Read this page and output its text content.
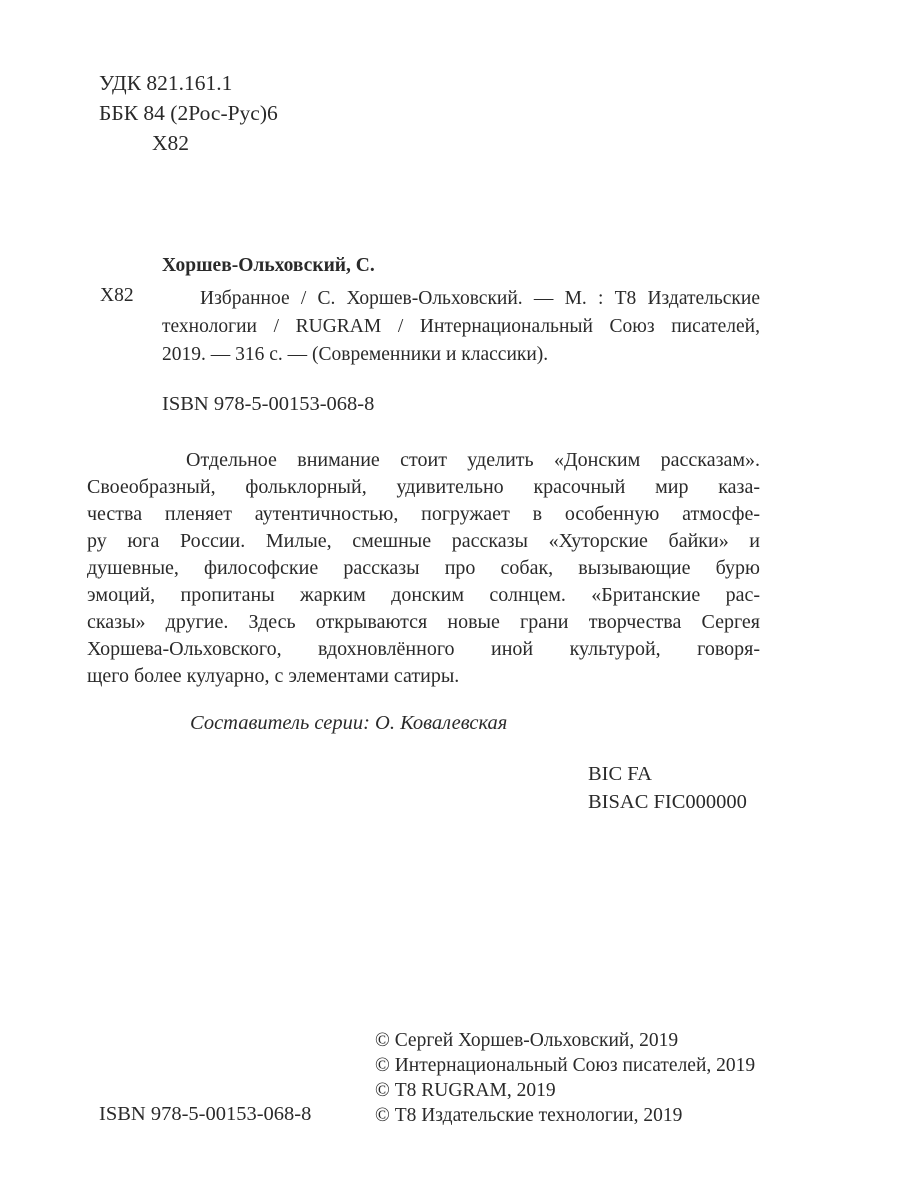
УДК 821.161.1
ББК 84 (2Рос-Рус)6
Х82
Хоршев-Ольховский, С.
Х82	Избранное / С. Хоршев-Ольховский. — М. : Т8 Издательские
технологии / RUGRAM / Интернациональный Союз писателей,
2019. — 316 с. — (Современники и классики).
ISBN 978-5-00153-068-8
Отдельное внимание стоит уделить «Донским рассказам».
Своеобразный, фольклорный, удивительно красочный мир каза-
чества пленяет аутентичностью, погружает в особенную атмосфе-
ру юга России. Милые, смешные рассказы «Хуторские байки» и
душевные, философские рассказы про собак, вызывающие бурю
эмоций, пропитаны жарким донским солнцем. «Британские рас-
сказы» другие. Здесь открываются новые грани творчества Сергея
Хоршева-Ольховского, вдохновлённого иной культурой, говоря-
щего более кулуарно, с элементами сатиры.
Составитель серии: О. Ковалевская
BIC FA
BISAC FIC000000
© Сергей Хоршев-Ольховский, 2019
© Интернациональный Союз писателей, 2019
© Т8 RUGRAM, 2019
© Т8 Издательские технологии, 2019
ISBN 978-5-00153-068-8
